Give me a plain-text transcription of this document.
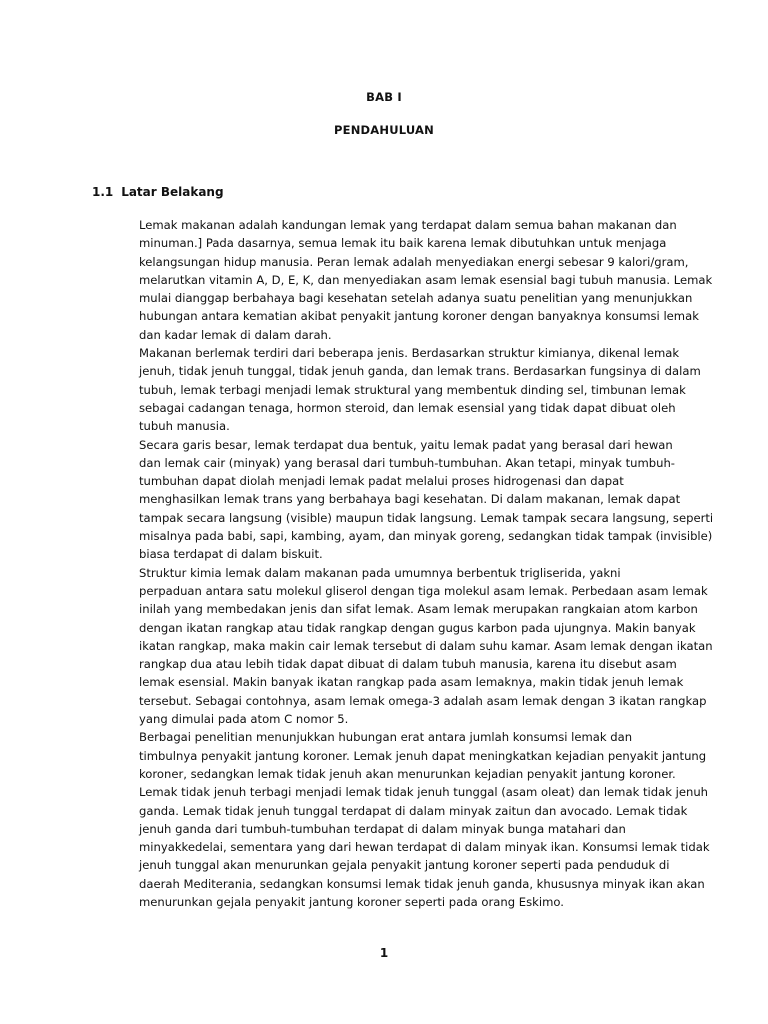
BAB I
PENDAHULUAN
1.1 Latar Belakang

Lemak makanan adalah kandungan lemak yang terdapat dalam semua bahan makanan dan
minuman.] Pada dasarnya, semua lemak itu baik karena lemak dibutuhkan untuk menjaga
kelangsungan hidup manusia. Peran lemak adalah menyediakan energi sebesar 9 kalori/gram,
melarutkan vitamin A, D, E, K, dan menyediakan asam lemak esensial bagi tubuh manusia. Lemak
mulai dianggap berbahaya bagi kesehatan setelah adanya suatu peneliti̇an yang menunjukkan
hubungan antara kemati̇an akibat penyakit jantung koroner dengan banyaknya konsumsi lemak
dan kadar lemak di dalam darah.

Makanan berlemak terdiri dari beberapa jenis. Berdasarkan struktur kimianya, dikenal lemak
jenuh, ti̇dak jenuh tunggal, ti̇dak jenuh ganda, dan lemak trans. Berdasarkan fungsinya di dalam
tubuh, lemak terbagi menjadi lemak struktural yang membentuk dinding sel, ti̇mbunan lemak
sebagai cadangan tenaga, hormon steroid, dan lemak esensial yang ti̇dak dapat dibuat oleh
tubuh manusia.

Secara garis besar, lemak terdapat dua bentuk, yaitu lemak padat yang berasal dari hewan
dan lemak cair (minyak) yang berasal dari tumbuh-tumbuhan. Akan tetapi, minyak tumbuh-
tumbuhan dapat diolah menjadi lemak padat melalui proses hidrogenasi dan dapat
menghasilkan lemak trans yang berbahaya bagi kesehatan. Di dalam makanan, lemak dapat
tampak secara langsung (visible) maupun ti̇dak langsung. Lemak tampak secara langsung, seperti̇
misalnya pada babi, sapi, kambing, ayam, dan minyak goreng, sedangkan ti̇dak tampak (invisible)
biasa terdapat di dalam biskuit.

Struktur kimia lemak dalam makanan pada umumnya berbentuk trigliserida, yakni
perpaduan antara satu molekul gliserol dengan ti̇ga molekul asam lemak. Perbedaan asam lemak
inilah yang membedakan jenis dan sifat lemak. Asam lemak merupakan rangkaian atom karbon
dengan ikatan rangkap atau ti̇dak rangkap dengan gugus karbon pada ujungnya. Makin banyak
ikatan rangkap, maka makin cair lemak tersebut di dalam suhu kamar. Asam lemak dengan ikatan
rangkap dua atau lebih ti̇dak dapat dibuat di dalam tubuh manusia, karena itu disebut asam
lemak esensial. Makin banyak ikatan rangkap pada asam lemaknya, makin ti̇dak jenuh lemak
tersebut. Sebagai contohnya, asam lemak omega-3 adalah asam lemak dengan 3 ikatan rangkap
yang dimulai pada atom C nomor 5.

Berbagai peneliti̇an menunjukkan hubungan erat antara jumlah konsumsi lemak dan
ti̇mbulnya penyakit jantung koroner. Lemak jenuh dapat meningkatkan kejadian penyakit jantung
koroner, sedangkan lemak ti̇dak jenuh akan menurunkan kejadian penyakit jantung koroner.
Lemak ti̇dak jenuh terbagi menjadi lemak ti̇dak jenuh tunggal (asam oleat) dan lemak ti̇dak jenuh
ganda. Lemak ti̇dak jenuh tunggal terdapat di dalam minyak zaitun dan avocado. Lemak ti̇dak
jenuh ganda dari tumbuh-tumbuhan terdapat di dalam minyak bunga matahari dan
minyakkedelai, sementara yang dari hewan terdapat di dalam minyak ikan. Konsumsi lemak ti̇dak
jenuh tunggal akan menurunkan gejala penyakit jantung koroner seperti̇ pada penduduk di
daerah Mediterania, sedangkan konsumsi lemak ti̇dak jenuh ganda, khususnya minyak ikan akan
menurunkan gejala penyakit jantung koroner seperti̇ pada orang Eskimo.

1
